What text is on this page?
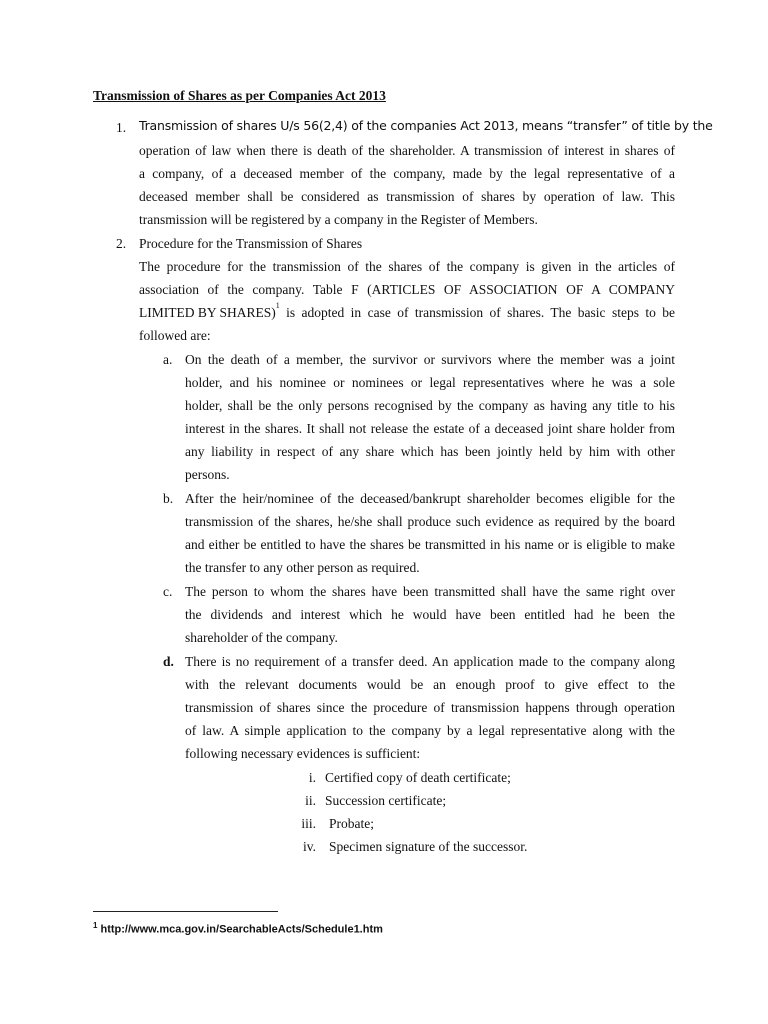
Transmission of Shares as per Companies Act 2013
1. Transmission of shares U/s 56(2,4) of the companies Act 2013, means “transfer” of title by the
operation of law when there is death of the shareholder. A transmission of interest in shares of
a company, of a deceased member of the company, made by the legal representative of a
deceased member shall be considered as transmission of shares by operation of law. This
transmission will be registered by a company in the Register of Members.
2. Procedure for the Transmission of Shares
The procedure for the transmission of the shares of the company is given in the articles of
association of the company. Table F (ARTICLES OF ASSOCIATION OF A COMPANY
LIMITED BY SHARES) 1 is adopted in case of transmission of shares. The basic steps to be
followed are:
a. On the death of a member, the survivor or survivors where the member was a joint
holder, and his nominee or nominees or legal representatives where he was a sole
holder, shall be the only persons recognised by the company as having any title to his
interest in the shares. It shall not release the estate of a deceased joint share holder from
any liability in respect of any share which has been jointly held by him with other
persons.
b. After the heir/nominee of the deceased/bankrupt shareholder becomes eligible for the
transmission of the shares, he/she shall produce such evidence as required by the board
and either be entitled to have the shares be transmitted in his name or is eligible to make
the transfer to any other person as required.
c. The person to whom the shares have been transmitted shall have the same right over
the dividends and interest which he would have been entitled had he been the
shareholder of the company.
d. There is no requirement of a transfer deed. An application made to the company along
with the relevant documents would be an enough proof to give effect to the
transmission of shares since the procedure of transmission happens through operation
of law. A simple application to the company by a legal representative along with the
following necessary evidences is sufficient:
i. Certified copy of death certificate;
ii. Succession certificate;
iii. Probate;
iv. Specimen signature of the successor.
$^1$ http://www.mca.gov.in/SearchableActs/Schedule1.htm
